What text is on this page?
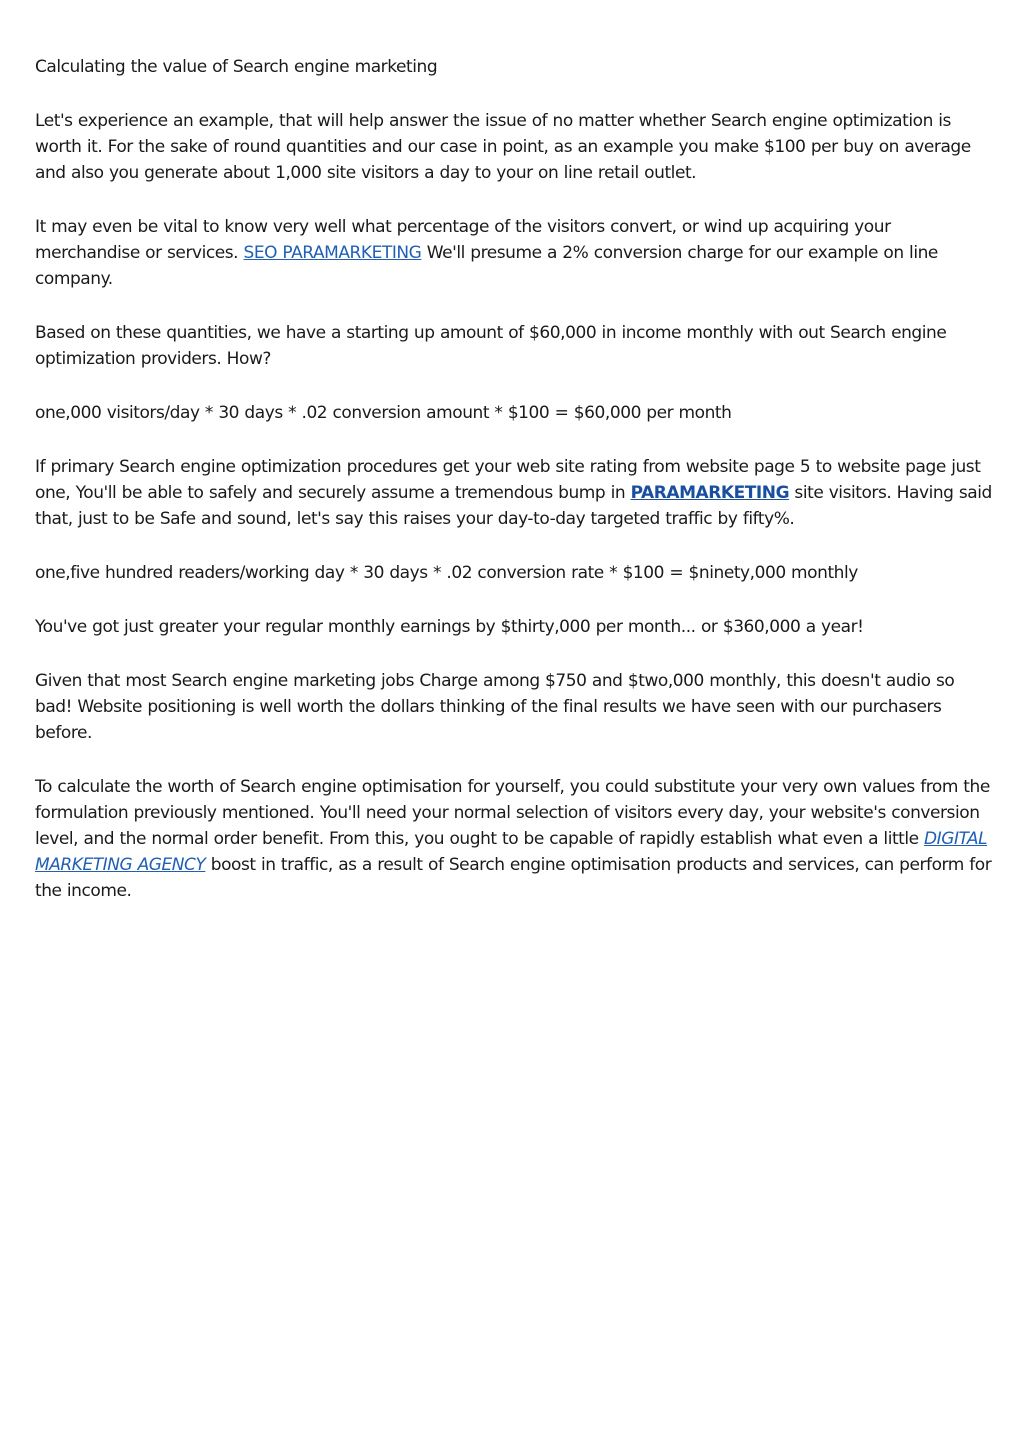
Calculating the value of Search engine marketing

Let's experience an example, that will help answer the issue of no matter whether Search engine optimization is worth it. For the sake of round quantities and our case in point, as an example you make $100 per buy on average and also you generate about 1,000 site visitors a day to your on line retail outlet.

It may even be vital to know very well what percentage of the visitors convert, or wind up acquiring your merchandise or services. SEO PARAMARKETING We'll presume a 2% conversion charge for our example on line company.

Based on these quantities, we have a starting up amount of $60,000 in income monthly with out Search engine optimization providers. How?

one,000 visitors/day * 30 days * .02 conversion amount * $100 = $60,000 per month

If primary Search engine optimization procedures get your web site rating from website page 5 to website page just one, You'll be able to safely and securely assume a tremendous bump in PARAMARKETING site visitors. Having said that, just to be Safe and sound, let's say this raises your day-to-day targeted traffic by fifty%.

one,five hundred readers/working day * 30 days * .02 conversion rate * $100 = $ninety,000 monthly

You've got just greater your regular monthly earnings by $thirty,000 per month... or $360,000 a year!

Given that most Search engine marketing jobs Charge among $750 and $two,000 monthly, this doesn't audio so bad! Website positioning is well worth the dollars thinking of the final results we have seen with our purchasers before.

To calculate the worth of Search engine optimisation for yourself, you could substitute your very own values from the formulation previously mentioned. You'll need your normal selection of visitors every day, your website's conversion level, and the normal order benefit. From this, you ought to be capable of rapidly establish what even a little DIGITAL MARKETING AGENCY boost in traffic, as a result of Search engine optimisation products and services, can perform for the income.
